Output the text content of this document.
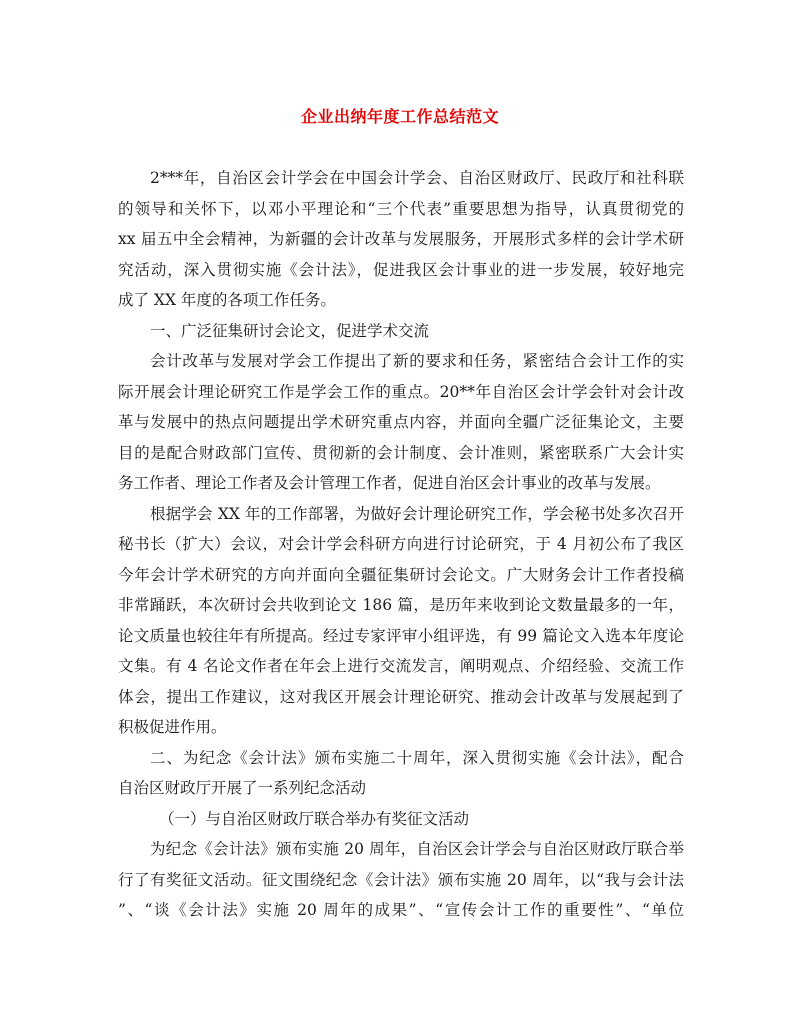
企业出纳年度工作总结范文
2***年，自治区会计学会在中国会计学会、自治区财政厅、民政厅和社科联
的领导和关怀下，以邓小平理论和“三个代表”重要思想为指导，认真贯彻党的
xx 届五中全会精神，为新疆的会计改革与发展服务，开展形式多样的会计学术研
究活动，深入贯彻实施《会计法》，促进我区会计事业的进一步发展，较好地完
成了 XX 年度的各项工作任务。
一、广泛征集研讨会论文，促进学术交流
会计改革与发展对学会工作提出了新的要求和任务，紧密结合会计工作的实
际开展会计理论研究工作是学会工作的重点。20**年自治区会计学会针对会计改
革与发展中的热点问题提出学术研究重点内容，并面向全疆广泛征集论文，主要
目的是配合财政部门宣传、贯彻新的会计制度、会计准则，紧密联系广大会计实
务工作者、理论工作者及会计管理工作者，促进自治区会计事业的改革与发展。
根据学会 XX 年的工作部署，为做好会计理论研究工作，学会秘书处多次召开
秘书长（扩大）会议，对会计学会科研方向进行讨论研究，于 4 月初公布了我区
今年会计学术研究的方向并面向全疆征集研讨会论文。广大财务会计工作者投稿
非常踊跃，本次研讨会共收到论文 186 篇，是历年来收到论文数量最多的一年，
论文质量也较往年有所提高。经过专家评审小组评选，有 99 篇论文入选本年度论
文集。有 4 名论文作者在年会上进行交流发言，阐明观点、介绍经验、交流工作
体会，提出工作建议，这对我区开展会计理论研究、推动会计改革与发展起到了
积极促进作用。
二、为纪念《会计法》颁布实施二十周年，深入贯彻实施《会计法》，配合
自治区财政厅开展了一系列纪念活动
（一）与自治区财政厅联合举办有奖征文活动
为纪念《会计法》颁布实施 20 周年，自治区会计学会与自治区财政厅联合举
行了有奖征文活动。征文围绕纪念《会计法》颁布实施 20 周年，以“我与会计法
”、“谈《会计法》实施 20 周年的成果”、“宣传会计工作的重要性”、“单位
